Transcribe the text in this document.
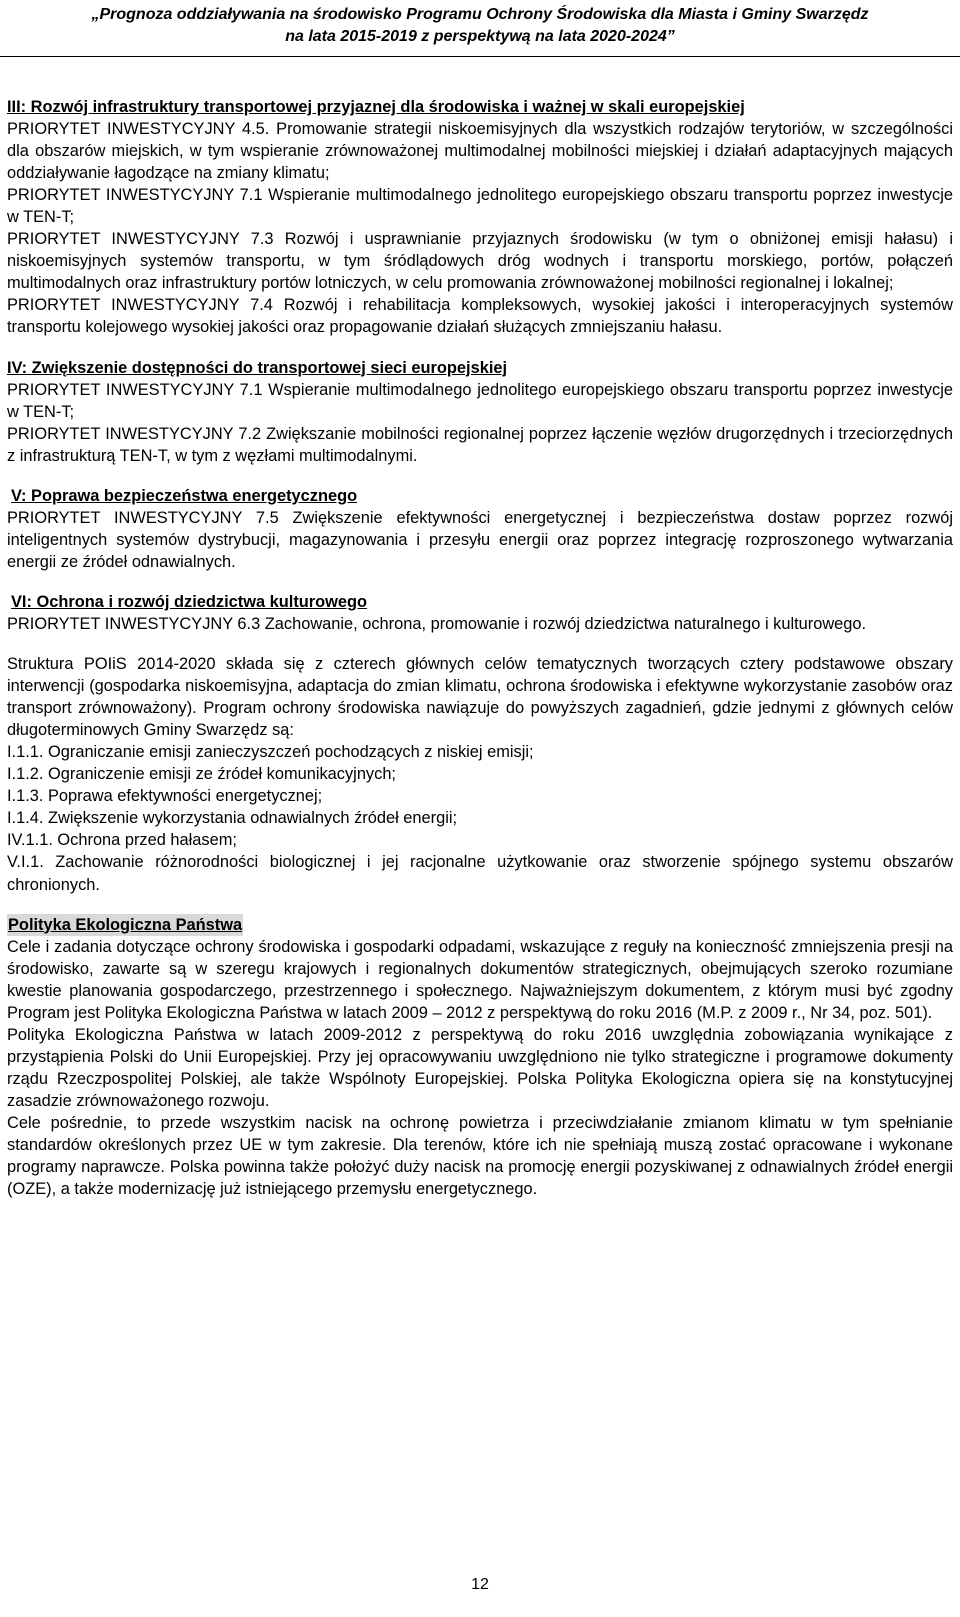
„Prognoza oddziaływania na środowisko Programu Ochrony Środowiska dla Miasta i Gminy Swarzędz
na lata 2015-2019 z perspektywą na lata 2020-2024”
III: Rozwój infrastruktury transportowej przyjaznej dla środowiska i ważnej w skali europejskiej

PRIORYTET INWESTYCYJNY 4.5. Promowanie strategii niskoemisyjnych dla wszystkich rodzajów terytoriów, w szczególności dla obszarów miejskich, w tym wspieranie zrównoważonej multimodalnej mobilności miejskiej i działań adaptacyjnych mających oddziaływanie łagodzące na zmiany klimatu;

PRIORYTET INWESTYCYJNY 7.1 Wspieranie multimodalnego jednolitego europejskiego obszaru transportu poprzez inwestycje w TEN-T;

PRIORYTET INWESTYCYJNY 7.3 Rozwój i usprawnianie przyjaznych środowisku (w tym o obniżonej emisji hałasu) i niskoemisyjnych systemów transportu, w tym śródlądowych dróg wodnych i transportu morskiego, portów, połączeń multimodalnych oraz infrastruktury portów lotniczych, w celu promowania zrównoważonej mobilności regionalnej i lokalnej;

PRIORYTET INWESTYCYJNY 7.4 Rozwój i rehabilitacja kompleksowych, wysokiej jakości i interoperacyjnych systemów transportu kolejowego wysokiej jakości oraz propagowanie działań służących zmniejszaniu hałasu.

IV: Zwiększenie dostępności do transportowej sieci europejskiej

PRIORYTET INWESTYCYJNY 7.1 Wspieranie multimodalnego jednolitego europejskiego obszaru transportu poprzez inwestycje w TEN-T;

PRIORYTET INWESTYCYJNY 7.2 Zwiększanie mobilności regionalnej poprzez łączenie węzłów drugorzędnych i trzeciorzędnych z infrastrukturą TEN-T, w tym z węzłami multimodalnymi.

V: Poprawa bezpieczeństwa energetycznego

PRIORYTET INWESTYCYJNY 7.5 Zwiększenie efektywności energetycznej i bezpieczeństwa dostaw poprzez rozwój inteligentnych systemów dystrybucji, magazynowania i przesyłu energii oraz poprzez integrację rozproszonego wytwarzania energii ze źródeł odnawialnych.

VI: Ochrona i rozwój dziedzictwa kulturowego

PRIORYTET INWESTYCYJNY 6.3 Zachowanie, ochrona, promowanie i rozwój dziedzictwa naturalnego i kulturowego.

Struktura POIiS 2014-2020 składa się z czterech głównych celów tematycznych tworzących cztery podstawowe obszary interwencji (gospodarka niskoemisyjna, adaptacja do zmian klimatu, ochrona środowiska i efektywne wykorzystanie zasobów oraz transport zrównoważony). Program ochrony środowiska nawiązuje do powyższych zagadnień, gdzie jednymi z głównych celów długoterminowych Gminy Swarzędz są:

I.1.1. Ograniczanie emisji zanieczyszczeń pochodzących z niskiej emisji;

I.1.2. Ograniczenie emisji ze źródeł komunikacyjnych;

I.1.3. Poprawa efektywności energetycznej;

I.1.4. Zwiększenie wykorzystania odnawialnych źródeł energii;

IV.1.1. Ochrona przed hałasem;

V.I.1. Zachowanie różnorodności biologicznej i jej racjonalne użytkowanie oraz stworzenie spójnego systemu obszarów chronionych.

Polityka Ekologiczna Państwa

Cele i zadania dotyczące ochrony środowiska i gospodarki odpadami, wskazujące z reguły na konieczność zmniejszenia presji na środowisko, zawarte są w szeregu krajowych i regionalnych dokumentów strategicznych, obejmujących szeroko rozumiane kwestie planowania gospodarczego, przestrzennego i społecznego. Najważniejszym dokumentem, z którym musi być zgodny Program jest Polityka Ekologiczna Państwa w latach 2009 – 2012 z perspektywą do roku 2016 (M.P. z 2009 r., Nr 34, poz. 501).

Polityka Ekologiczna Państwa w latach 2009-2012 z perspektywą do roku 2016 uwzględnia zobowiązania wynikające z przystąpienia Polski do Unii Europejskiej. Przy jej opracowywaniu uwzględniono nie tylko strategiczne i programowe dokumenty rządu Rzeczpospolitej Polskiej, ale także Wspólnoty Europejskiej. Polska Polityka Ekologiczna opiera się na konstytucyjnej zasadzie zrównoważonego rozwoju.

Cele pośrednie, to przede wszystkim nacisk na ochronę powietrza i przeciwdziałanie zmianom klimatu w tym spełnianie standardów określonych przez UE w tym zakresie. Dla terenów, które ich nie spełniają muszą zostać opracowane i wykonane programy naprawcze. Polska powinna także położyć duży nacisk na promocję energii pozyskiwanej z odnawialnych źródeł energii (OZE), a także modernizację już istniejącego przemysłu energetycznego.

12
